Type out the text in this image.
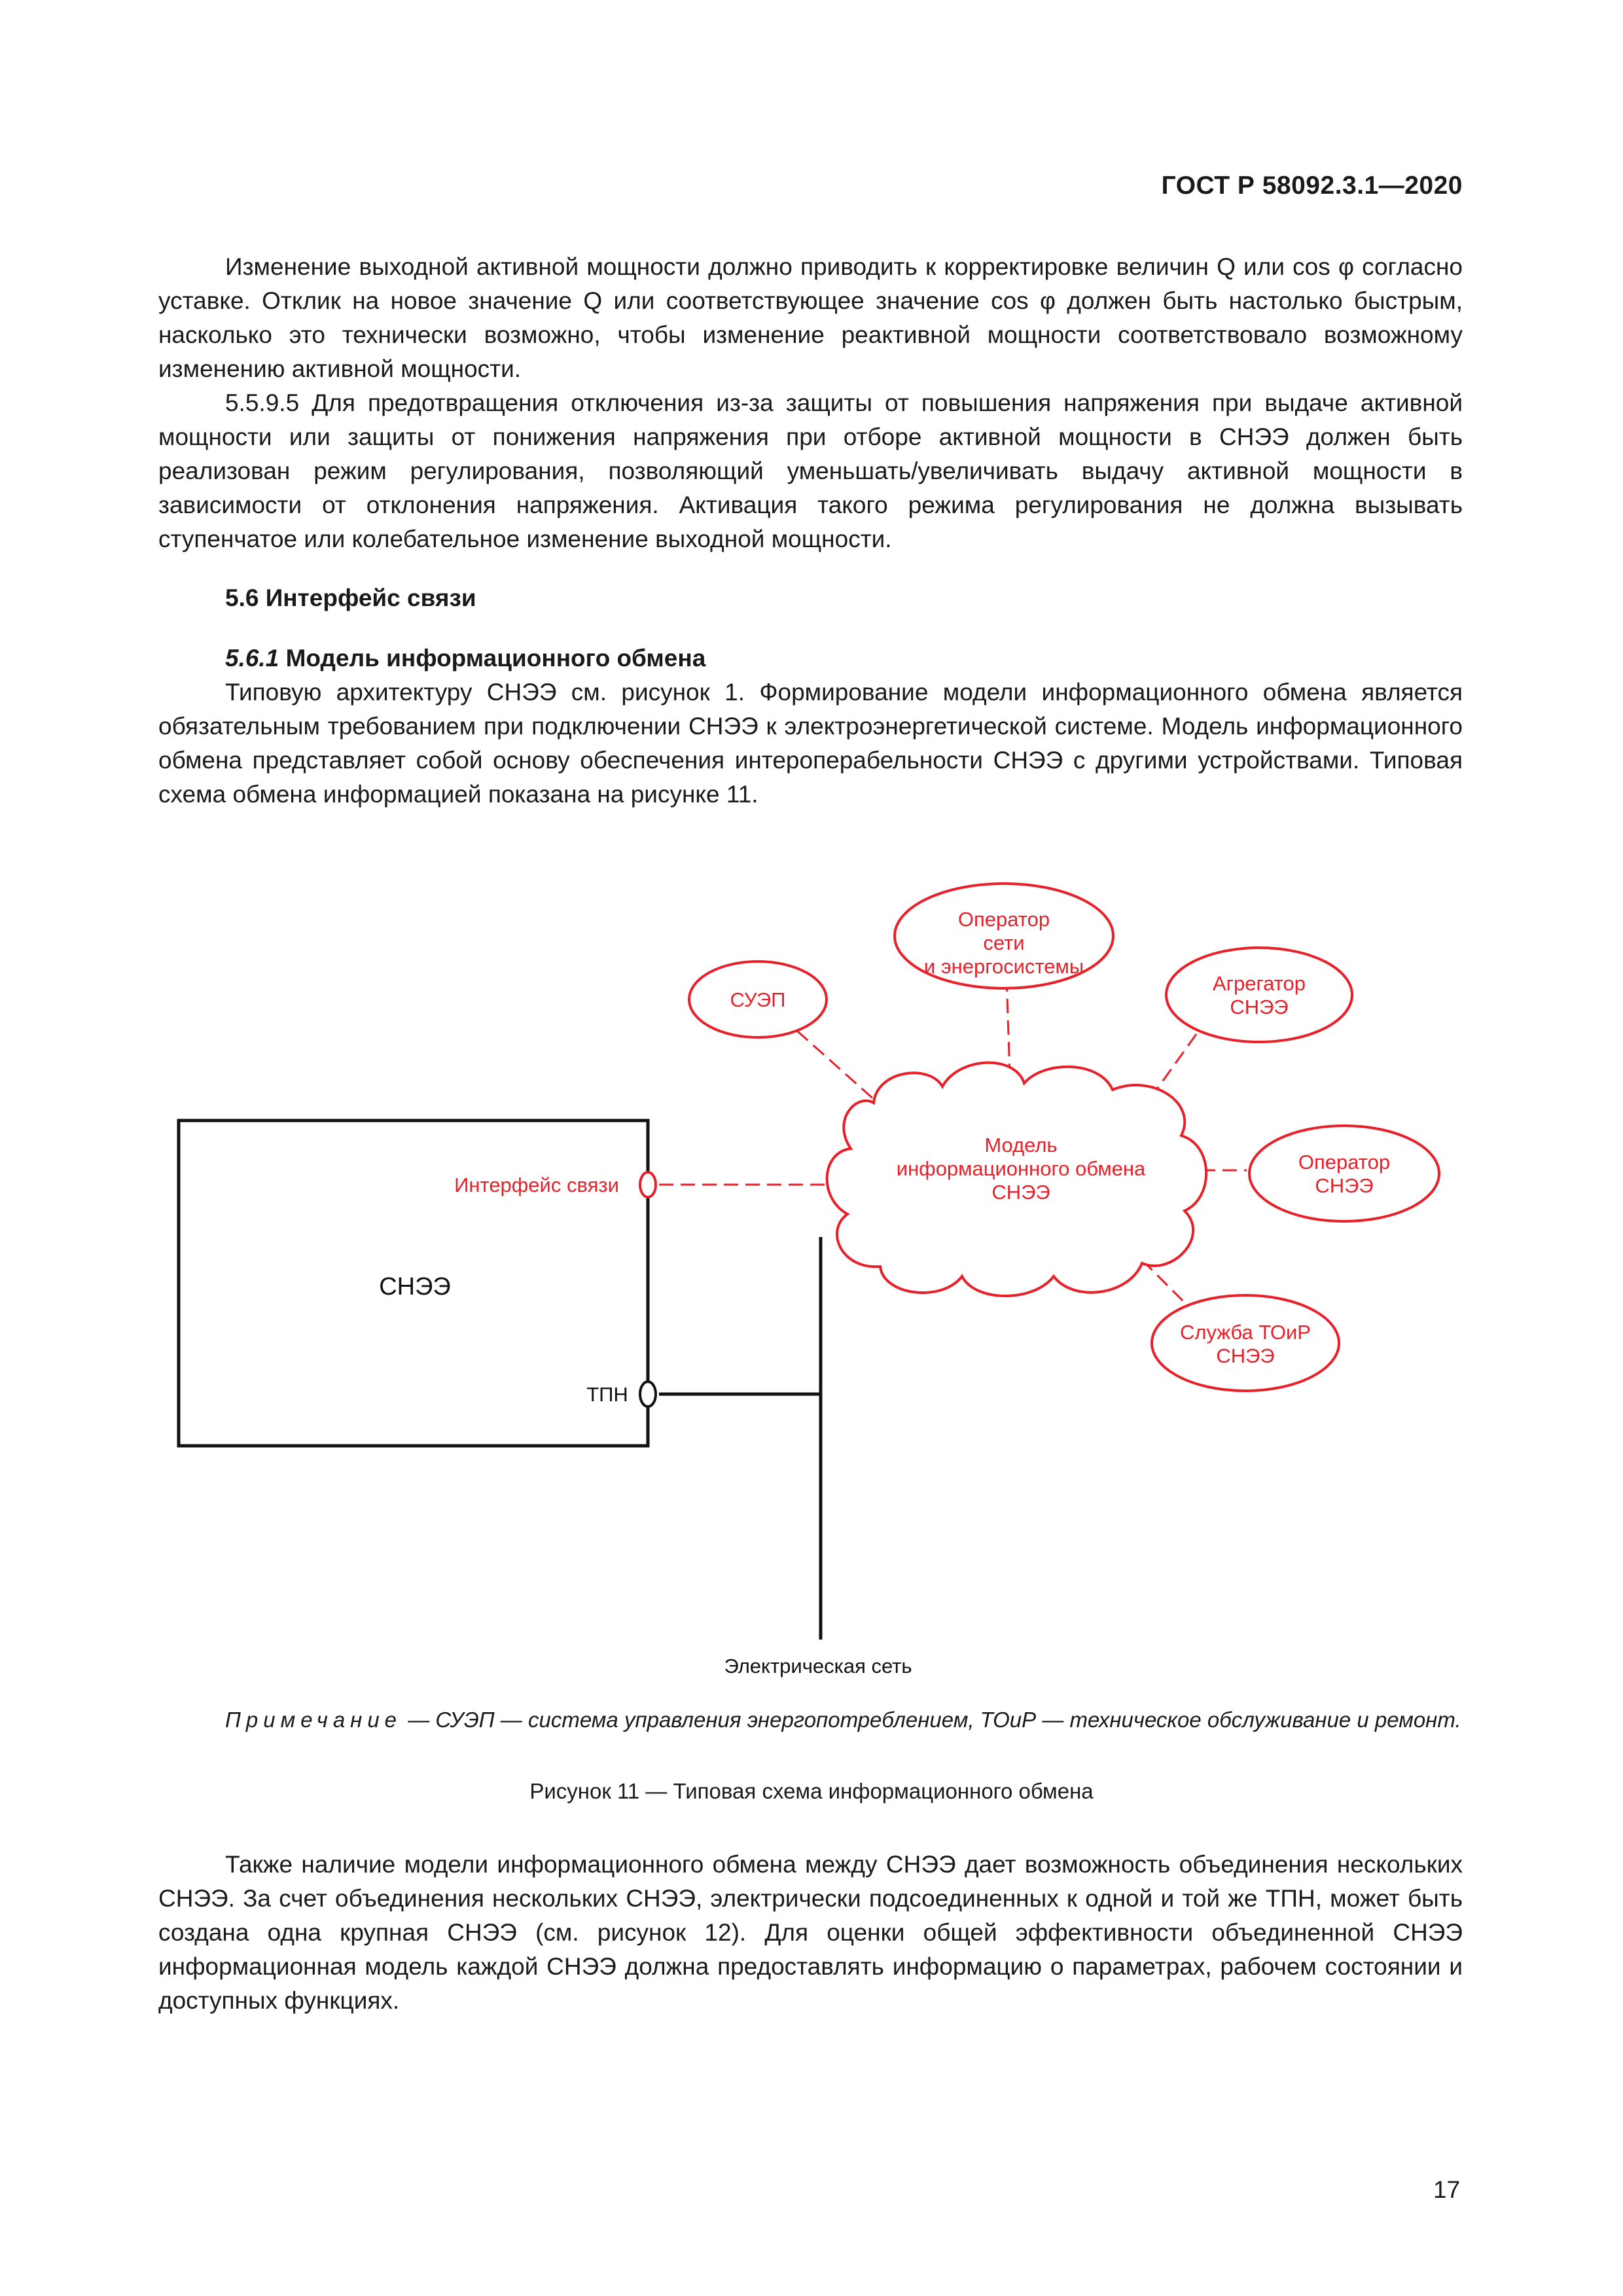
ГОСТ Р 58092.3.1—2020

Изменение выходной активной мощности должно приводить к корректировке величин Q или cos φ согласно уставке. Отклик на новое значение Q или соответствующее значение cos φ должен быть настолько быстрым, насколько это технически возможно, чтобы изменение реактивной мощности соответствовало возможному изменению активной мощности.

5.5.9.5 Для предотвращения отключения из-за защиты от повышения напряжения при выдаче активной мощности или защиты от понижения напряжения при отборе активной мощности в СНЭЭ должен быть реализован режим регулирования, позволяющий уменьшать/увеличивать выдачу активной мощности в зависимости от отклонения напряжения. Активация такого режима регулирования не должна вызывать ступенчатое или колебательное изменение выходной мощности.

5.6 Интерфейс связи
5.6.1 Модель информационного обмена

Типовую архитектуру СНЭЭ см. рисунок 1. Формирование модели информационного обмена является обязательным требованием при подключении СНЭЭ к электроэнергетической системе. Модель информационного обмена представляет собой основу обеспечения интероперабельности СНЭЭ с другими устройствами. Типовая схема обмена информацией показана на рисунке 11.

Оператор
сети
и энергосистемы
СУЭП
Агрегатор
СНЭЭ
Модель
информационного обмена
СНЭЭ
Оператор
СНЭЭ
Служба ТОиР
СНЭЭ
Интерфейс связи
СНЭЭ
ТПН
Электрическая сеть

Примечание — СУЭП — система управления энергопотреблением, ТОиР — техническое обслуживание и ремонт.

Рисунок 11 — Типовая схема информационного обмена

Также наличие модели информационного обмена между СНЭЭ дает возможность объединения нескольких СНЭЭ. За счет объединения нескольких СНЭЭ, электрически подсоединенных к одной и той же ТПН, может быть создана одна крупная СНЭЭ (см. рисунок 12). Для оценки общей эффективности объединенной СНЭЭ информационная модель каждой СНЭЭ должна предоставлять информацию о параметрах, рабочем состоянии и доступных функциях.

17
